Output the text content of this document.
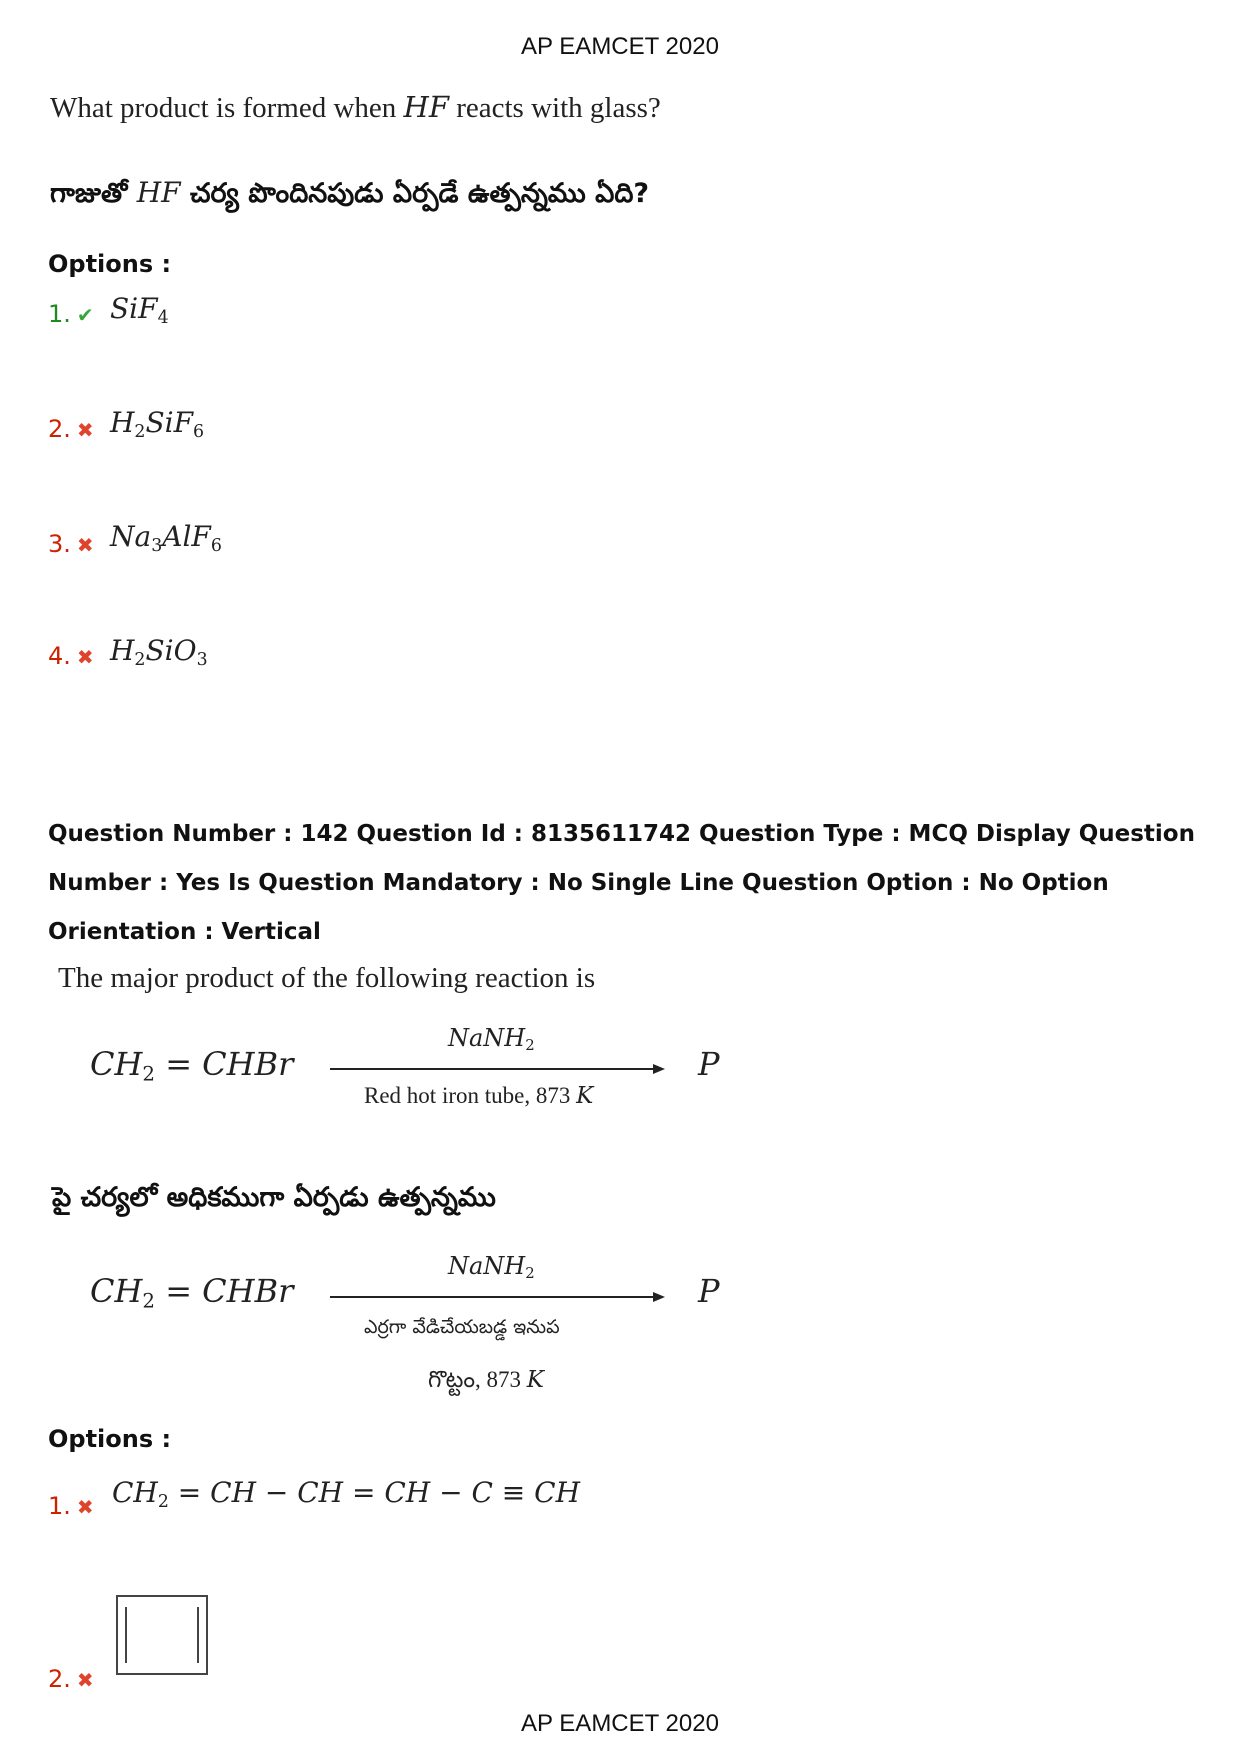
AP EAMCET 2020
What product is formed when HF reacts with glass?
గాజుతో HF చర్య పొందినపుడు ఏర్పడే ఉత్పన్నము ఏది?
Options :
1. ✔ SiF$_4$
2. ✖ $H_2SiF_6$
3. ✖ $Na_3AlF_6$
4. ✖ $H_2SiO_3$
Question Number : 142 Question Id : 8135611742 Question Type : MCQ Display Question
Number : Yes Is Question Mandatory : No Single Line Question Option : No Option
Orientation : Vertical
The major product of the following reaction is
$CH_2$ = CHBr
NaNH$_2$
Red hot iron tube, 873 K
P
పై చర్యలో అధికముగా ఏర్పడు ఉత్పన్నము
$CH_2$ = CHBr
NaNH$_2$
ఎర్రగా వేడిచేయబడ్డ ఇనుప
గొట్టం, 873 K
P
Options :
1. ✖ $CH_2$ = CH − CH = CH − C ≡ CH
2. ✖
AP EAMCET 2020
